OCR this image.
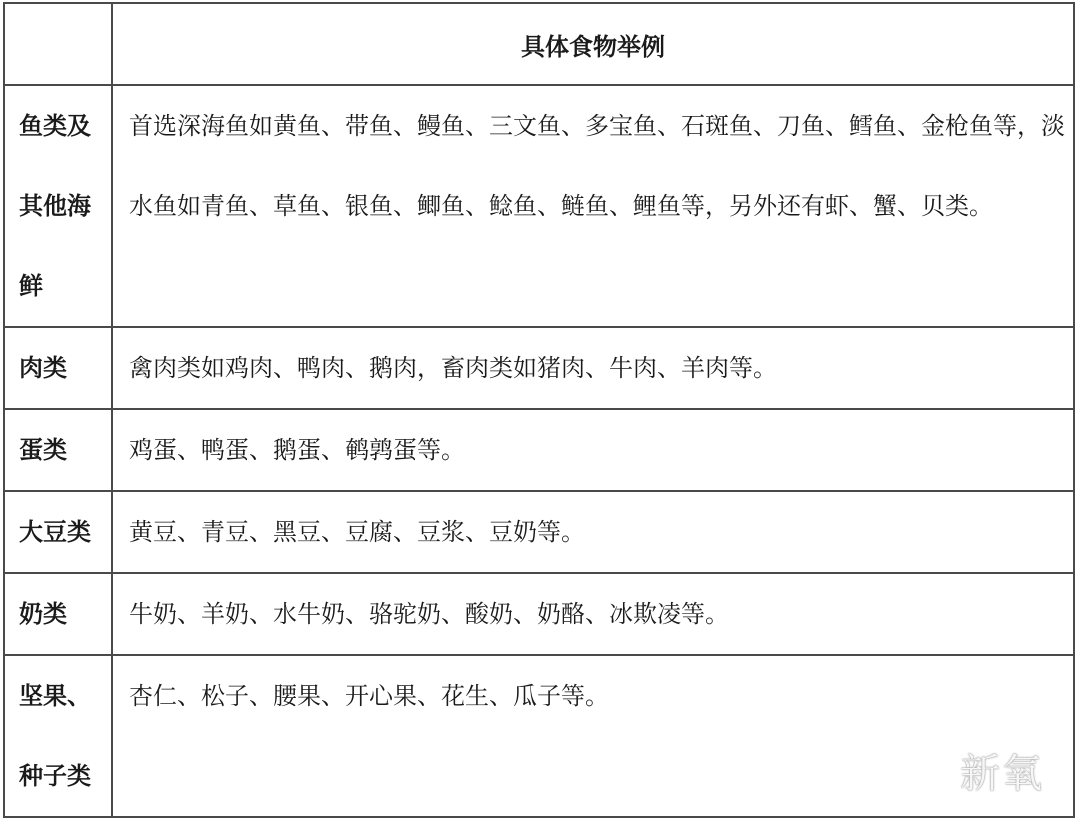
	具体食物举例

鱼类及其他海鲜	首选深海鱼如黄鱼、带鱼、鳗鱼、三文鱼、多宝鱼、石斑鱼、刀鱼、鳕鱼、金枪鱼等，淡水鱼如青鱼、草鱼、银鱼、鲫鱼、鲶鱼、鲢鱼、鲤鱼等，另外还有虾、蟹、贝类。

肉类	禽肉类如鸡肉、鸭肉、鹅肉，畜肉类如猪肉、牛肉、羊肉等。

蛋类	鸡蛋、鸭蛋、鹅蛋、鹌鹑蛋等。

大豆类	黄豆、青豆、黑豆、豆腐、豆浆、豆奶等。

奶类	牛奶、羊奶、水牛奶、骆驼奶、酸奶、奶酪、冰欺凌等。

坚果、种子类	杏仁、松子、腰果、开心果、花生、瓜子等。
新氧
